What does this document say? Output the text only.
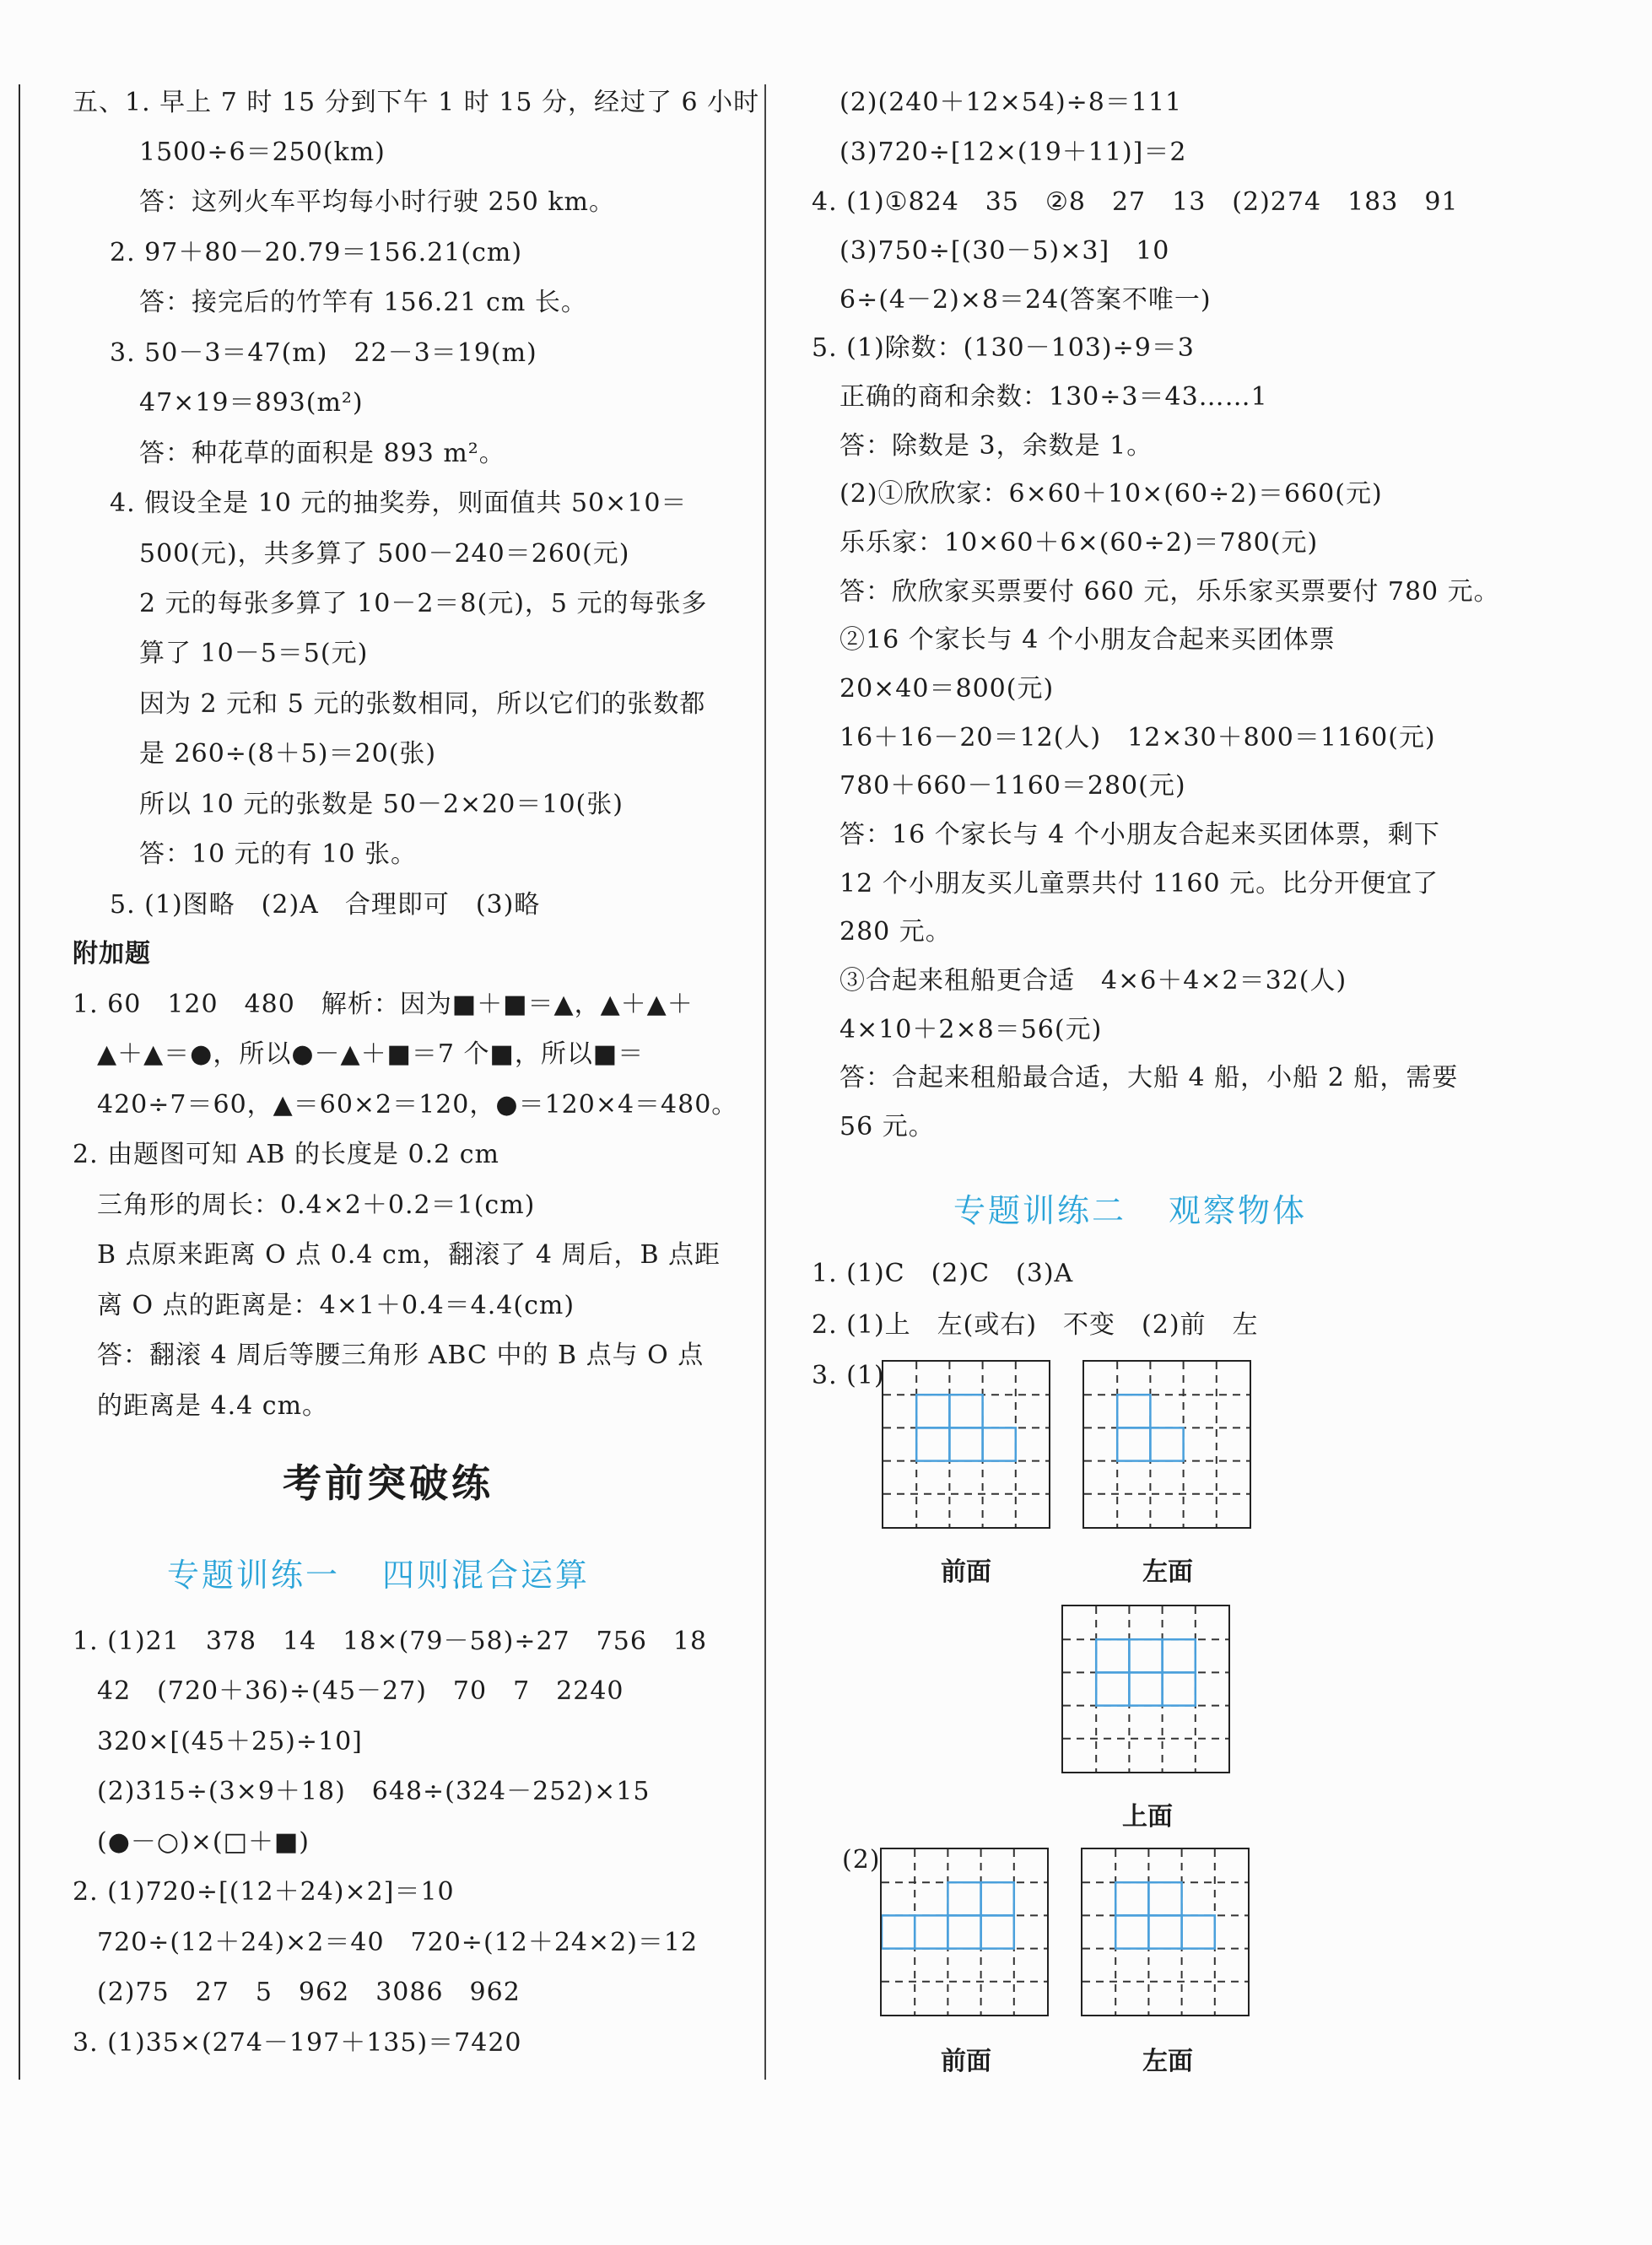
五、1. 早上 7 时 15 分到下午 1 时 15 分，经过了 6 小时
1500÷6＝250(km)
答：这列火车平均每小时行驶 250 km。
2. 97＋80－20.79＝156.21(cm)
答：接完后的竹竿有 156.21 cm 长。
3. 50－3＝47(m)　22－3＝19(m)
47×19＝893(m²)
答：种花草的面积是 893 m²。
4. 假设全是 10 元的抽奖券，则面值共 50×10＝
500(元)，共多算了 500－240＝260(元)
2 元的每张多算了 10－2＝8(元)，5 元的每张多
算了 10－5＝5(元)
因为 2 元和 5 元的张数相同，所以它们的张数都
是 260÷(8＋5)＝20(张)
所以 10 元的张数是 50－2×20＝10(张)
答：10 元的有 10 张。
5. (1)图略　(2)A　合理即可　(3)略
附加题
1. 60　120　480　解析：因为■＋■＝▲，▲＋▲＋
▲＋▲＝●，所以●－▲＋■＝7 个■，所以■＝
420÷7＝60，▲＝60×2＝120，●＝120×4＝480。
2. 由题图可知 AB 的长度是 0.2 cm
三角形的周长：0.4×2＋0.2＝1(cm)
B 点原来距离 O 点 0.4 cm，翻滚了 4 周后，B 点距
离 O 点的距离是：4×1＋0.4＝4.4(cm)
答：翻滚 4 周后等腰三角形 ABC 中的 B 点与 O 点
的距离是 4.4 cm。
考前突破练
专题训练一 四则混合运算
1. (1)21　378　14　18×(79－58)÷27　756　18
42　(720＋36)÷(45－27)　70　7　2240
320×[(45＋25)÷10]
(2)315÷(3×9＋18)　648÷(324－252)×15
(●－○)×(□＋■)
2. (1)720÷[(12＋24)×2]＝10
720÷(12＋24)×2＝40　720÷(12＋24×2)＝12
(2)75　27　5　962　3086　962
3. (1)35×(274－197＋135)＝7420
(2)(240＋12×54)÷8＝111
(3)720÷[12×(19＋11)]＝2
4. (1)①824　35　②8　27　13　(2)274　183　91
(3)750÷[(30－5)×3]　10
6÷(4－2)×8＝24(答案不唯一)
5. (1)除数：(130－103)÷9＝3
正确的商和余数：130÷3＝43……1
答：除数是 3，余数是 1。
(2)①欣欣家：6×60＋10×(60÷2)＝660(元)
乐乐家：10×60＋6×(60÷2)＝780(元)
答：欣欣家买票要付 660 元，乐乐家买票要付 780 元。
②16 个家长与 4 个小朋友合起来买团体票
20×40＝800(元)
16＋16－20＝12(人)　12×30＋800＝1160(元)
780＋660－1160＝280(元)
答：16 个家长与 4 个小朋友合起来买团体票，剩下
12 个小朋友买儿童票共付 1160 元。比分开便宜了
280 元。
③合起来租船更合适　4×6＋4×2＝32(人)
4×10＋2×8＝56(元)
答：合起来租船最合适，大船 4 船，小船 2 船，需要
56 元。
专题训练二 观察物体
1. (1)C　(2)C　(3)A
2. (1)上　左(或右)　不变　(2)前　左
3. (1)
(2)
前面	左面
上面
前面	左面
